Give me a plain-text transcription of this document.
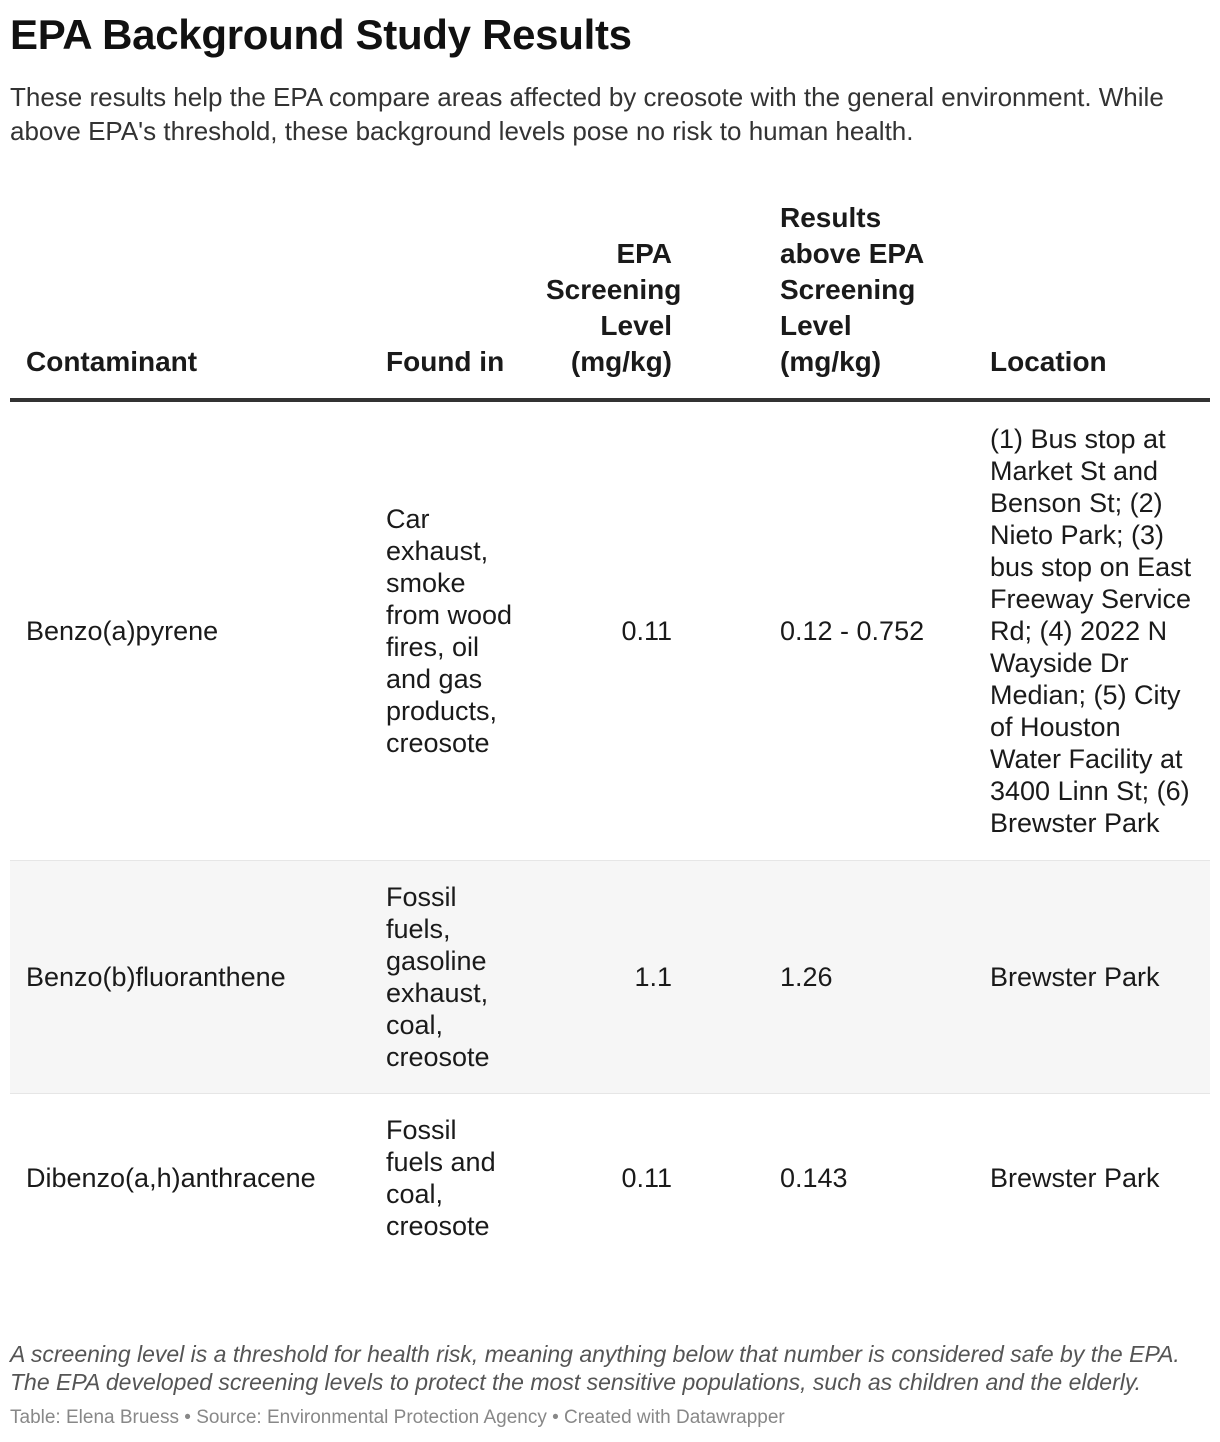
EPA Background Study Results

These results help the EPA compare areas affected by creosote with the general environment. While above EPA's threshold, these background levels pose no risk to human health.

Contaminant	Found in	EPA Screening Level (mg/kg)	Results above EPA Screening Level (mg/kg)	Location
Benzo(a)pyrene	Car exhaust, smoke from wood fires, oil and gas products, creosote	0.11	0.12 - 0.752	(1) Bus stop at Market St and Benson St; (2) Nieto Park; (3) bus stop on East Freeway Service Rd; (4) 2022 N Wayside Dr Median; (5) City of Houston Water Facility at 3400 Linn St; (6) Brewster Park
Benzo(b)fluoranthene	Fossil fuels, gasoline exhaust, coal, creosote	1.1	1.26	Brewster Park
Dibenzo(a,h)anthracene	Fossil fuels and coal, creosote	0.11	0.143	Brewster Park

A screening level is a threshold for health risk, meaning anything below that number is considered safe by the EPA. The EPA developed screening levels to protect the most sensitive populations, such as children and the elderly.

Table: Elena Bruess • Source: Environmental Protection Agency • Created with Datawrapper
